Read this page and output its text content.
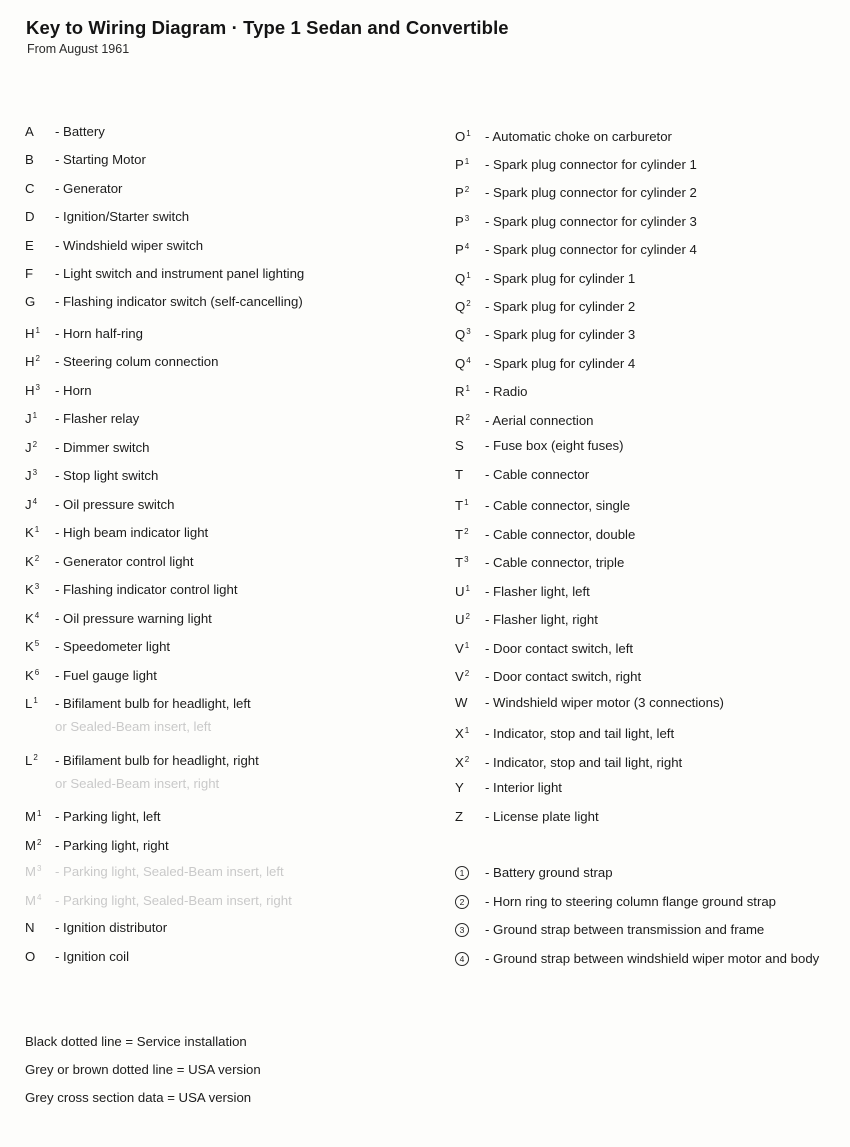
Key to Wiring Diagram · Type 1 Sedan and Convertible
From August 1961
A - Battery
B - Starting Motor
C - Generator
D - Ignition/Starter switch
E - Windshield wiper switch
F - Light switch and instrument panel lighting
G - Flashing indicator switch (self-cancelling)
$H^1$ - Horn half-ring
$H^2$ - Steering colum connection
$H^3$ - Horn
$J^1$ - Flasher relay
$J^2$ - Dimmer switch
$J^3$ - Stop light switch
$J^4$ - Oil pressure switch
$K^1$ - High beam indicator light
$K^2$ - Generator control light
$K^3$ - Flashing indicator control light
$K^4$ - Oil pressure warning light
$K^5$ - Speedometer light
$K^6$ - Fuel gauge light
$L^1$ - Bifilament bulb for headlight, left
or Sealed-Beam insert, left
$L^2$ - Bifilament bulb for headlight, right
or Sealed-Beam insert, right
$M^1$ - Parking light, left
$M^2$ - Parking light, right
$M^3$ - Parking light, Sealed-Beam insert, left
$M^4$ - Parking light, Sealed-Beam insert, right
N - Ignition distributor
O - Ignition coil
$O^1$ - Automatic choke on carburetor
$P^1$ - Spark plug connector for cylinder 1
$P^2$ - Spark plug connector for cylinder 2
$P^3$ - Spark plug connector for cylinder 3
$P^4$ - Spark plug connector for cylinder 4
$Q^1$ - Spark plug for cylinder 1
$Q^2$ - Spark plug for cylinder 2
$Q^3$ - Spark plug for cylinder 3
$Q^4$ - Spark plug for cylinder 4
$R^1$ - Radio
$R^2$ - Aerial connection
S - Fuse box (eight fuses)
T - Cable connector
$T^1$ - Cable connector, single
$T^2$ - Cable connector, double
$T^3$ - Cable connector, triple
$U^1$ - Flasher light, left
$U^2$ - Flasher light, right
$V^1$ - Door contact switch, left
$V^2$ - Door contact switch, right
W - Windshield wiper motor (3 connections)
$X^1$ - Indicator, stop and tail light, left
$X^2$ - Indicator, stop and tail light, right
Y - Interior light
Z - License plate light
1 - Battery ground strap
2 - Horn ring to steering column flange ground strap
3 - Ground strap between transmission and frame
4 - Ground strap between windshield wiper motor and body
Black dotted line = Service installation
Grey or brown dotted line = USA version
Grey cross section data = USA version
